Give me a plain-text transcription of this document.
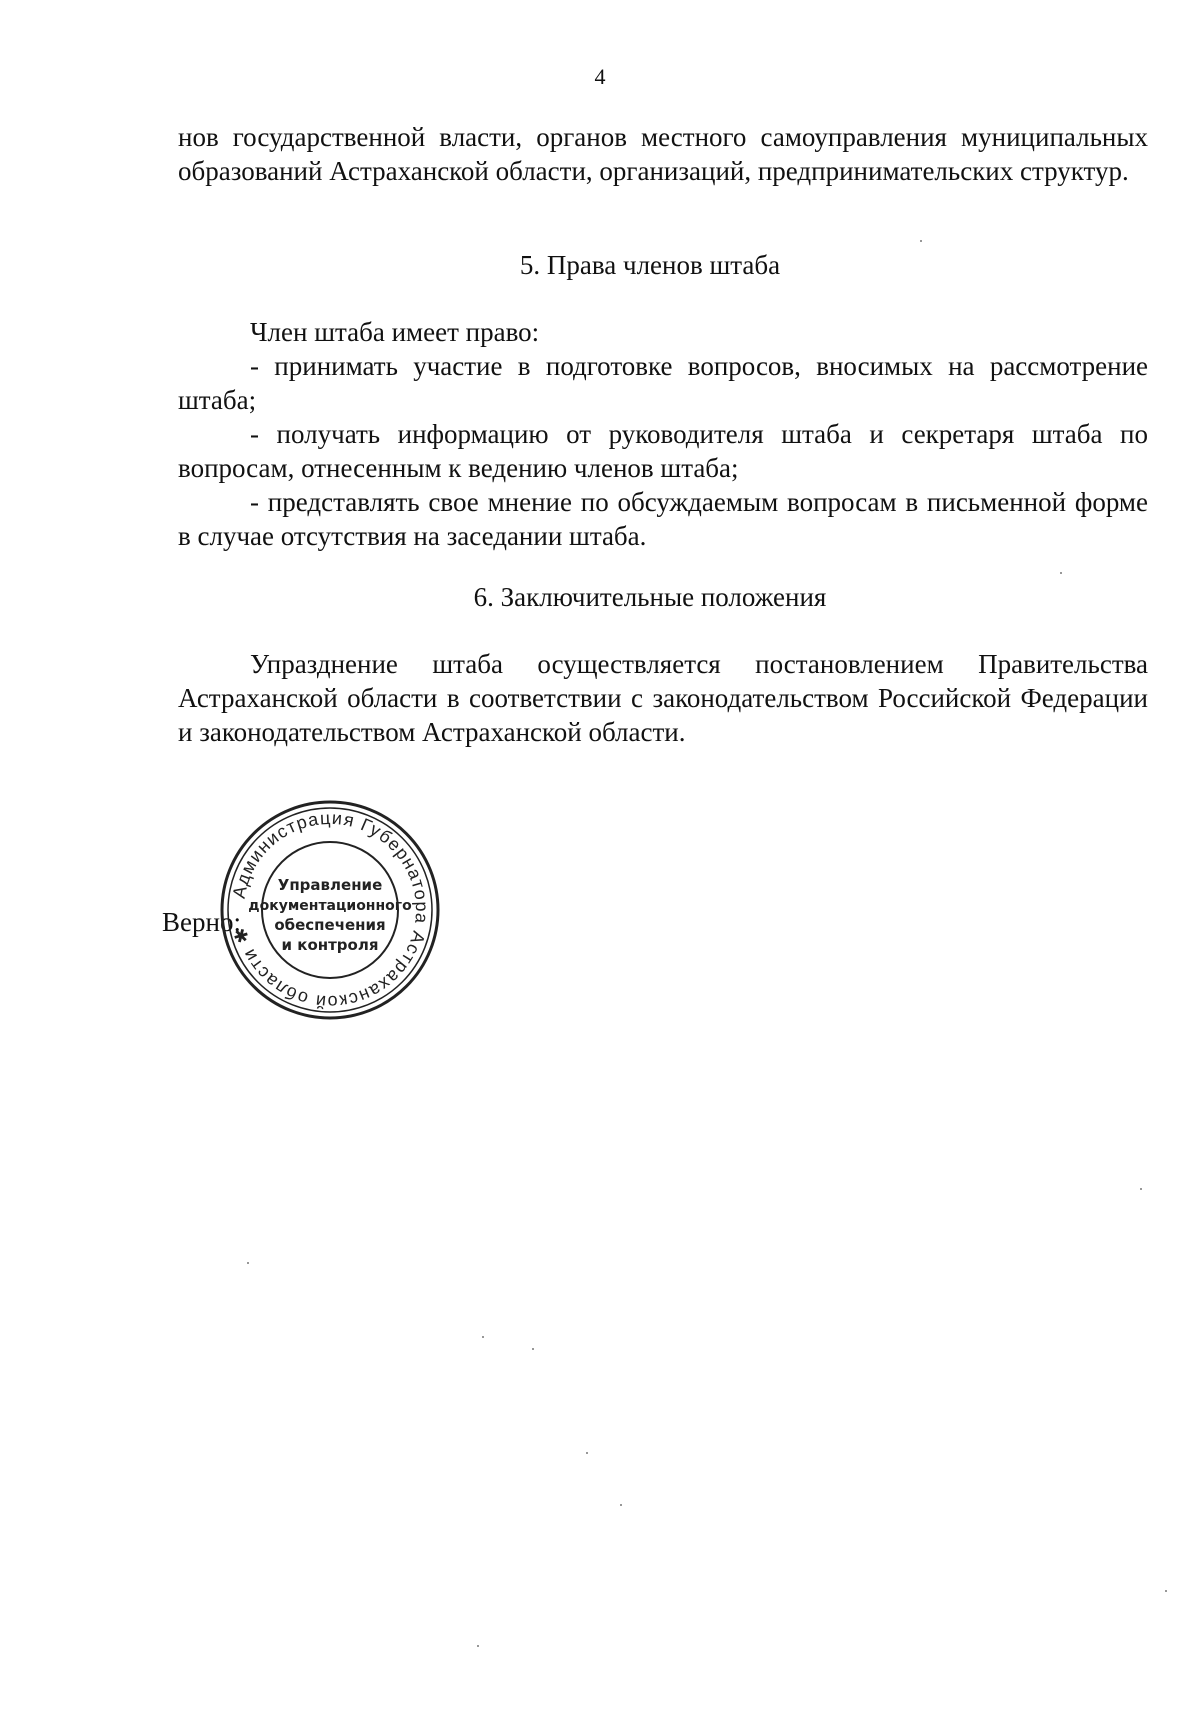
4
нов государственной власти, органов местного самоуправления муниципальных образований Астраханской области, организаций, предпринимательских структур.
5. Права членов штаба
Член штаба имеет право:
- принимать участие в подготовке вопросов, вносимых на рассмотрение штаба;
- получать информацию от руководителя штаба и секретаря штаба по вопросам, отнесенным к ведению членов штаба;
- представлять свое мнение по обсуждаемым вопросам в письменной форме в случае отсутствия на заседании штаба.
6. Заключительные положения
Упразднение штаба осуществляется постановлением Правительства Астраханской области в соответствии с законодательством Российской Федерации и законодательством Астраханской области.
Верно:
Администрация Губернатора Астраханской области ✱
Управление
документационного
обеспечения
и контроля
